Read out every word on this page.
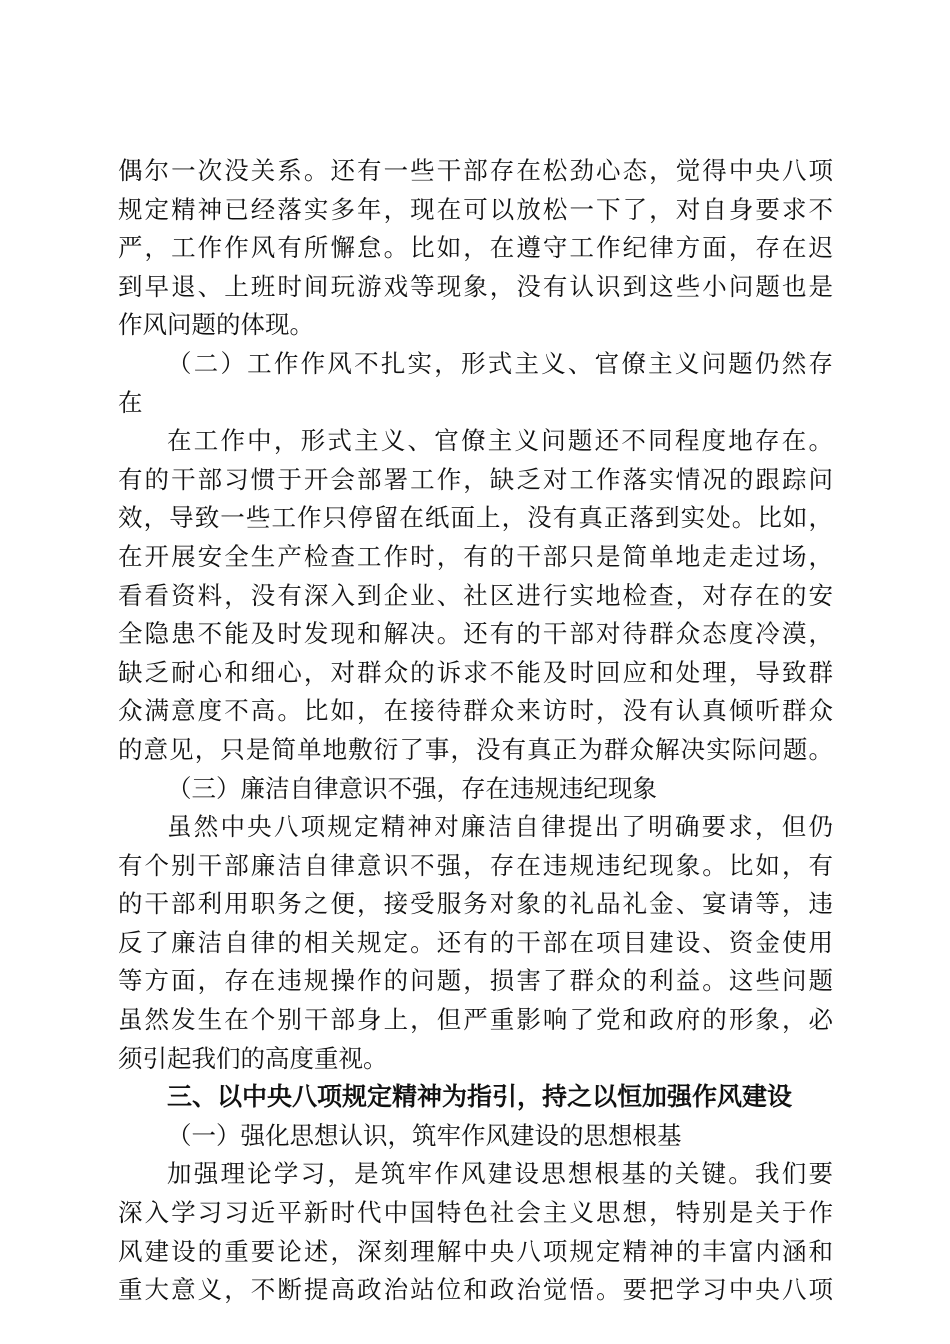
偶尔一次没关系。还有一些干部存在松劲心态，觉得中央八项
规定精神已经落实多年，现在可以放松一下了，对自身要求不
严，工作作风有所懈怠。比如，在遵守工作纪律方面，存在迟
到早退、上班时间玩游戏等现象，没有认识到这些小问题也是
作风问题的体现。
（二）工作作风不扎实，形式主义、官僚主义问题仍然存
在
在工作中，形式主义、官僚主义问题还不同程度地存在。
有的干部习惯于开会部署工作，缺乏对工作落实情况的跟踪问
效，导致一些工作只停留在纸面上，没有真正落到实处。比如，
在开展安全生产检查工作时，有的干部只是简单地走走过场，
看看资料，没有深入到企业、社区进行实地检查，对存在的安
全隐患不能及时发现和解决。还有的干部对待群众态度冷漠，
缺乏耐心和细心，对群众的诉求不能及时回应和处理，导致群
众满意度不高。比如，在接待群众来访时，没有认真倾听群众
的意见，只是简单地敷衍了事，没有真正为群众解决实际问题。
（三）廉洁自律意识不强，存在违规违纪现象
虽然中央八项规定精神对廉洁自律提出了明确要求，但仍
有个别干部廉洁自律意识不强，存在违规违纪现象。比如，有
的干部利用职务之便，接受服务对象的礼品礼金、宴请等，违
反了廉洁自律的相关规定。还有的干部在项目建设、资金使用
等方面，存在违规操作的问题，损害了群众的利益。这些问题
虽然发生在个别干部身上，但严重影响了党和政府的形象，必
须引起我们的高度重视。
三、以中央八项规定精神为指引，持之以恒加强作风建设
（一）强化思想认识，筑牢作风建设的思想根基
加强理论学习，是筑牢作风建设思想根基的关键。我们要
深入学习习近平新时代中国特色社会主义思想，特别是关于作
风建设的重要论述，深刻理解中央八项规定精神的丰富内涵和
重大意义，不断提高政治站位和政治觉悟。要把学习中央八项
